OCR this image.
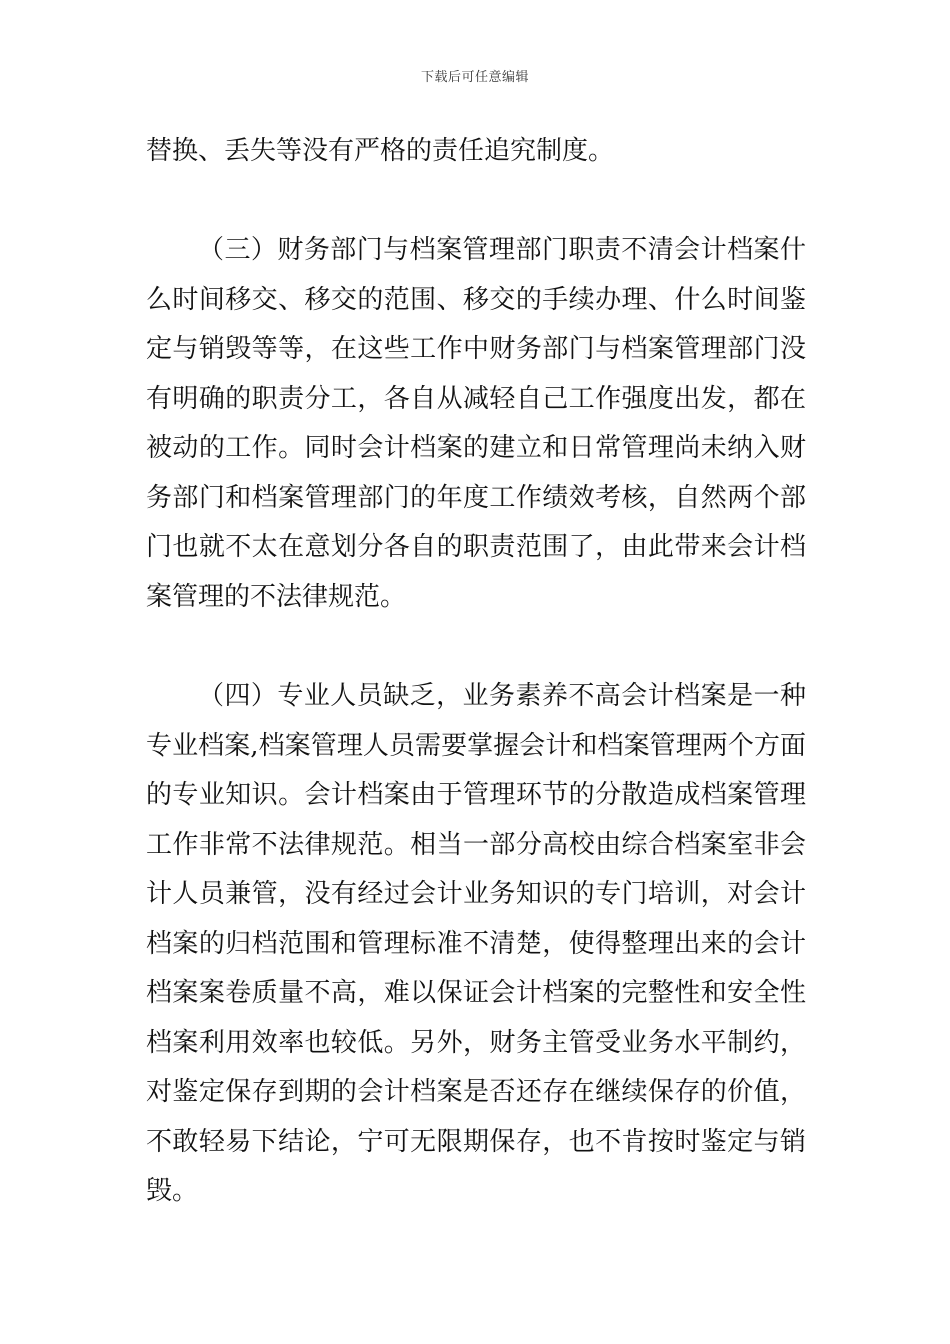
下载后可任意编辑

替换、丢失等没有严格的责任追究制度。

（三）财务部门与档案管理部门职责不清会计档案什么时间移交、移交的范围、移交的手续办理、什么时间鉴定与销毁等等，在这些工作中财务部门与档案管理部门没有明确的职责分工，各自从减轻自己工作强度出发，都在被动的工作。同时会计档案的建立和日常管理尚未纳入财务部门和档案管理部门的年度工作绩效考核，自然两个部门也就不太在意划分各自的职责范围了，由此带来会计档案管理的不法律规范。

（四）专业人员缺乏，业务素养不高会计档案是一种专业档案,档案管理人员需要掌握会计和档案管理两个方面的专业知识。会计档案由于管理环节的分散造成档案管理工作非常不法律规范。相当一部分高校由综合档案室非会计人员兼管，没有经过会计业务知识的专门培训，对会计档案的归档范围和管理标准不清楚，使得整理出来的会计档案案卷质量不高，难以保证会计档案的完整性和安全性档案利用效率也较低。另外，财务主管受业务水平制约，对鉴定保存到期的会计档案是否还存在继续保存的价值，不敢轻易下结论，宁可无限期保存，也不肯按时鉴定与销毁。
